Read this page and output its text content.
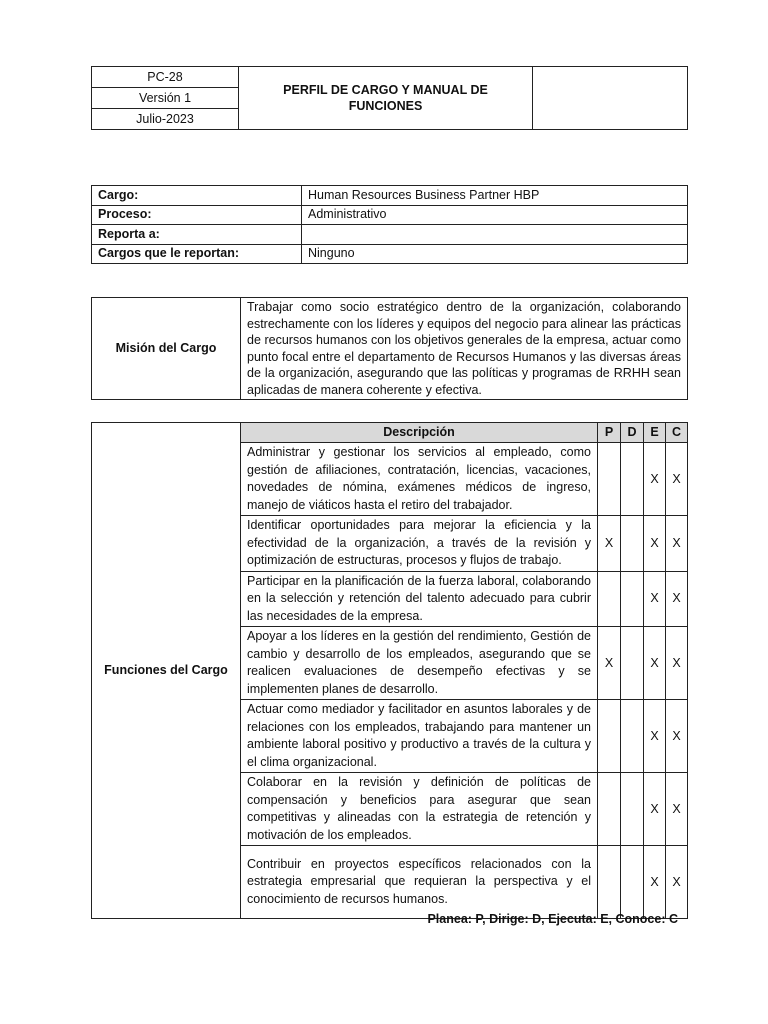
PC-28	PERFIL DE CARGO Y MANUAL DE FUNCIONES	
Versión 1
Julio-2023
Cargo:	Human Resources Business Partner HBP
Proceso:	Administrativo
Reporta a:	
Cargos que le reportan:	Ninguno
Misión del Cargo	Trabajar como socio estratégico dentro de la organización, colaborando estrechamente con los líderes y equipos del negocio para alinear las prácticas de recursos humanos con los objetivos generales de la empresa, actuar como punto focal entre el departamento de Recursos Humanos y las diversas áreas de la organización, asegurando que las políticas y programas de RRHH sean aplicadas de manera coherente y efectiva.
Funciones del Cargo	Descripción	P	D	E	C
	Administrar y gestionar los servicios al empleado, como gestión de afiliaciones, contratación, licencias, vacaciones, novedades de nómina, exámenes médicos de ingreso, manejo de viáticos hasta el retiro del trabajador.			X	X
	Identificar oportunidades para mejorar la eficiencia y la efectividad de la organización, a través de la revisión y optimización de estructuras, procesos y flujos de trabajo.	X		X	X
	Participar en la planificación de la fuerza laboral, colaborando en la selección y retención del talento adecuado para cubrir las necesidades de la empresa.			X	X
	Apoyar a los líderes en la gestión del rendimiento, Gestión de cambio y desarrollo de los empleados, asegurando que se realicen evaluaciones de desempeño efectivas y se implementen planes de desarrollo.	X		X	X
	Actuar como mediador y facilitador en asuntos laborales y de relaciones con los empleados, trabajando para mantener un ambiente laboral positivo y productivo a través de la cultura y el clima organizacional.			X	X
	Colaborar en la revisión y definición de políticas de compensación y beneficios para asegurar que sean competitivas y alineadas con la estrategia de retención y motivación de los empleados.			X	X
	Contribuir en proyectos específicos relacionados con la estrategia empresarial que requieran la perspectiva y el conocimiento de recursos humanos.			X	X
Planea: P, Dirige: D, Ejecuta: E, Conoce: C
